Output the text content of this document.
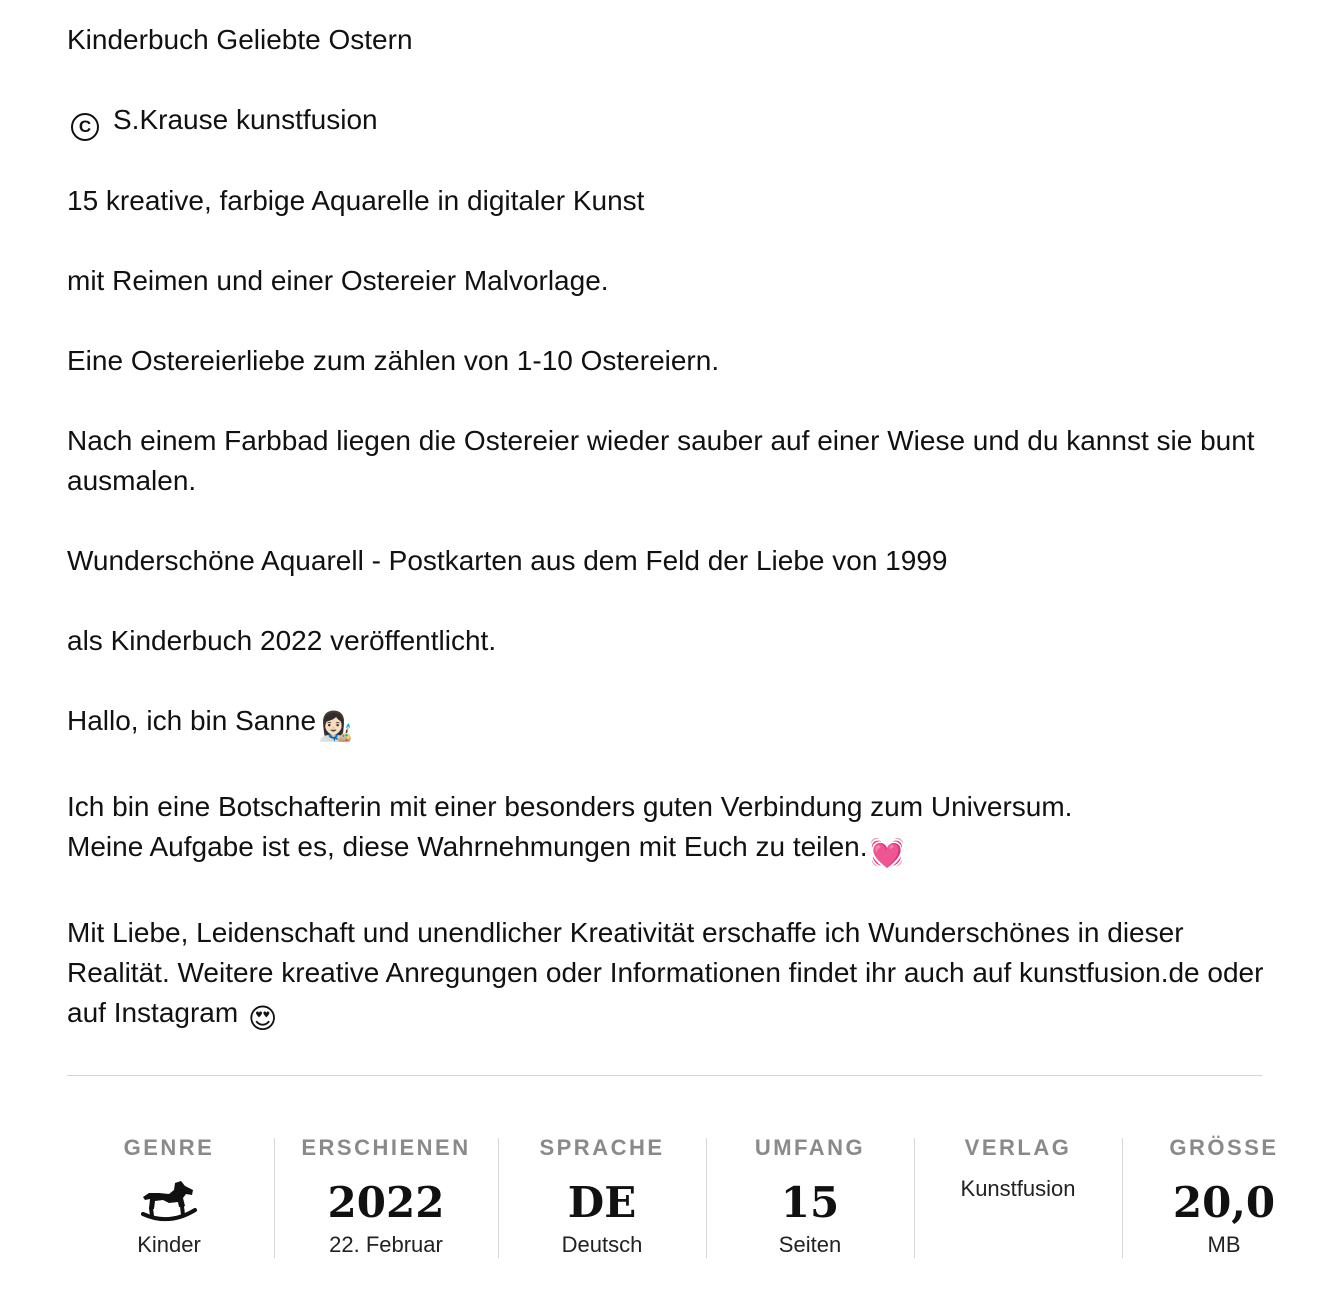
Kinderbuch Geliebte Ostern

C S.Krause kunstfusion

15 kreative, farbige Aquarelle in digitaler Kunst

mit Reimen und einer Ostereier Malvorlage.

Eine Ostereierliebe zum zählen von 1-10 Ostereiern.

Nach einem Farbbad liegen die Ostereier wieder sauber auf einer Wiese und du kannst sie bunt ausmalen.

Wunderschöne Aquarell - Postkarten aus dem Feld der Liebe von 1999

als Kinderbuch 2022 veröffentlicht.

Hallo, ich bin Sanne👩🏻‍🎨

Ich bin eine Botschafterin mit einer besonders guten Verbindung zum Universum.
Meine Aufgabe ist es, diese Wahrnehmungen mit Euch zu teilen.💓

Mit Liebe, Leidenschaft und unendlicher Kreativität erschaffe ich Wunderschönes in dieser Realität. Weitere kreative Anregungen oder Informationen findet ihr auch auf kunstfusion.de oder auf Instagram 😍

GENRE
Kinder
ERSCHIENEN
2022
22. Februar
SPRACHE
DE
Deutsch
UMFANG
15
Seiten
VERLAG
Kunstfusion
GRÖSSE
20,0
MB
